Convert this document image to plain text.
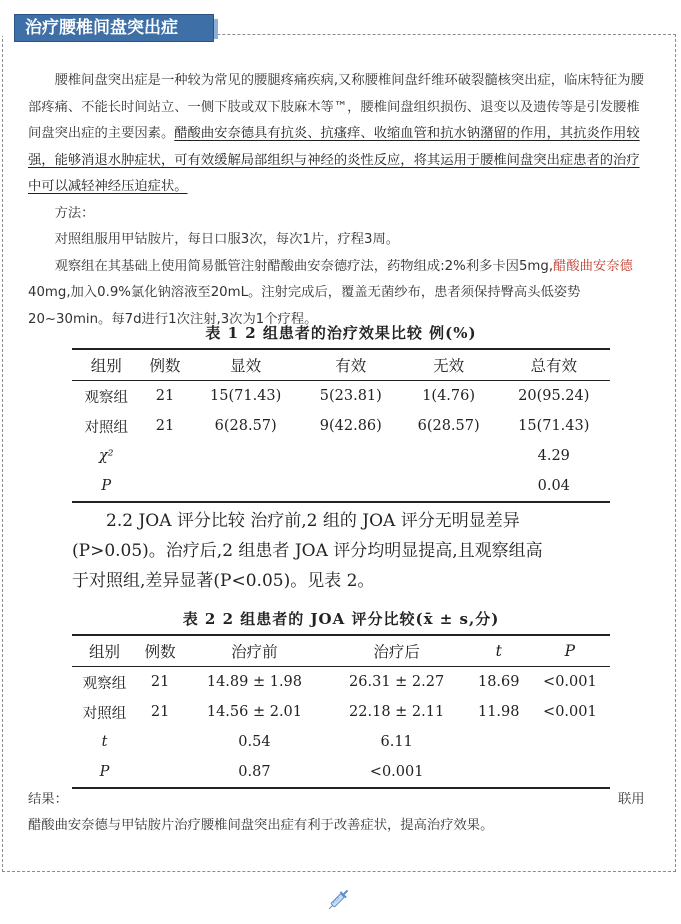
治疗腰椎间盘突出症

腰椎间盘突出症是一种较为常见的腰腿疼痛疾病,又称腰椎间盘纤维环破裂髓核突出症，临床特征为腰部疼痛、不能长时间站立、一侧下肢或双下肢麻木等™，腰椎间盘组织损伤、退变以及遗传等是引发腰椎间盘突出症的主要因素。醋酸曲安奈德具有抗炎、抗瘙痒、收缩血管和抗水钠潴留的作用，其抗炎作用较强，能够消退水肿症状，可有效缓解局部组织与神经的炎性反应，将其运用于腰椎间盘突出症患者的治疗中可以减轻神经压迫症状。

方法：

对照组服用甲钴胺片，每日口服3次，每次1片，疗程3周。

观察组在其基础上使用简易骶管注射醋酸曲安奈德疗法，药物组成:2%利多卡因5mg,醋酸曲安奈德40mg,加入0.9%氯化钠溶液至20mL。注射完成后，覆盖无菌纱布，患者须保持臀高头低姿势20~30min。每7d进行1次注射,3次为1个疗程。

表 1 2 组患者的治疗效果比较 例(%)
组别	例数	显效	有效	无效	总有效
观察组	21	15(71.43)	5(23.81)	1(4.76)	20(95.24)
对照组	21	6(28.57)	9(42.86)	6(28.57)	15(71.43)
χ²					4.29
P					0.04
2.2 JOA 评分比较 治疗前,2 组的 JOA 评分无明显差异
(P>0.05)。治疗后,2 组患者 JOA 评分均明显提高,且观察组高
于对照组,差异显著(P<0.05)。见表 2。
表 2 2 组患者的 JOA 评分比较(x̄ ± s,分)
组别	例数	治疗前	治疗后	t	P
观察组	21	14.89 ± 1.98	26.31 ± 2.27	18.69	<0.001
对照组	21	14.56 ± 2.01	22.18 ± 2.11	11.98	<0.001
t		0.54	6.11		
P		0.87	<0.001		
结果：	联用
醋酸曲安奈德与甲钴胺片治疗腰椎间盘突出症有利于改善症状，提高治疗效果。
